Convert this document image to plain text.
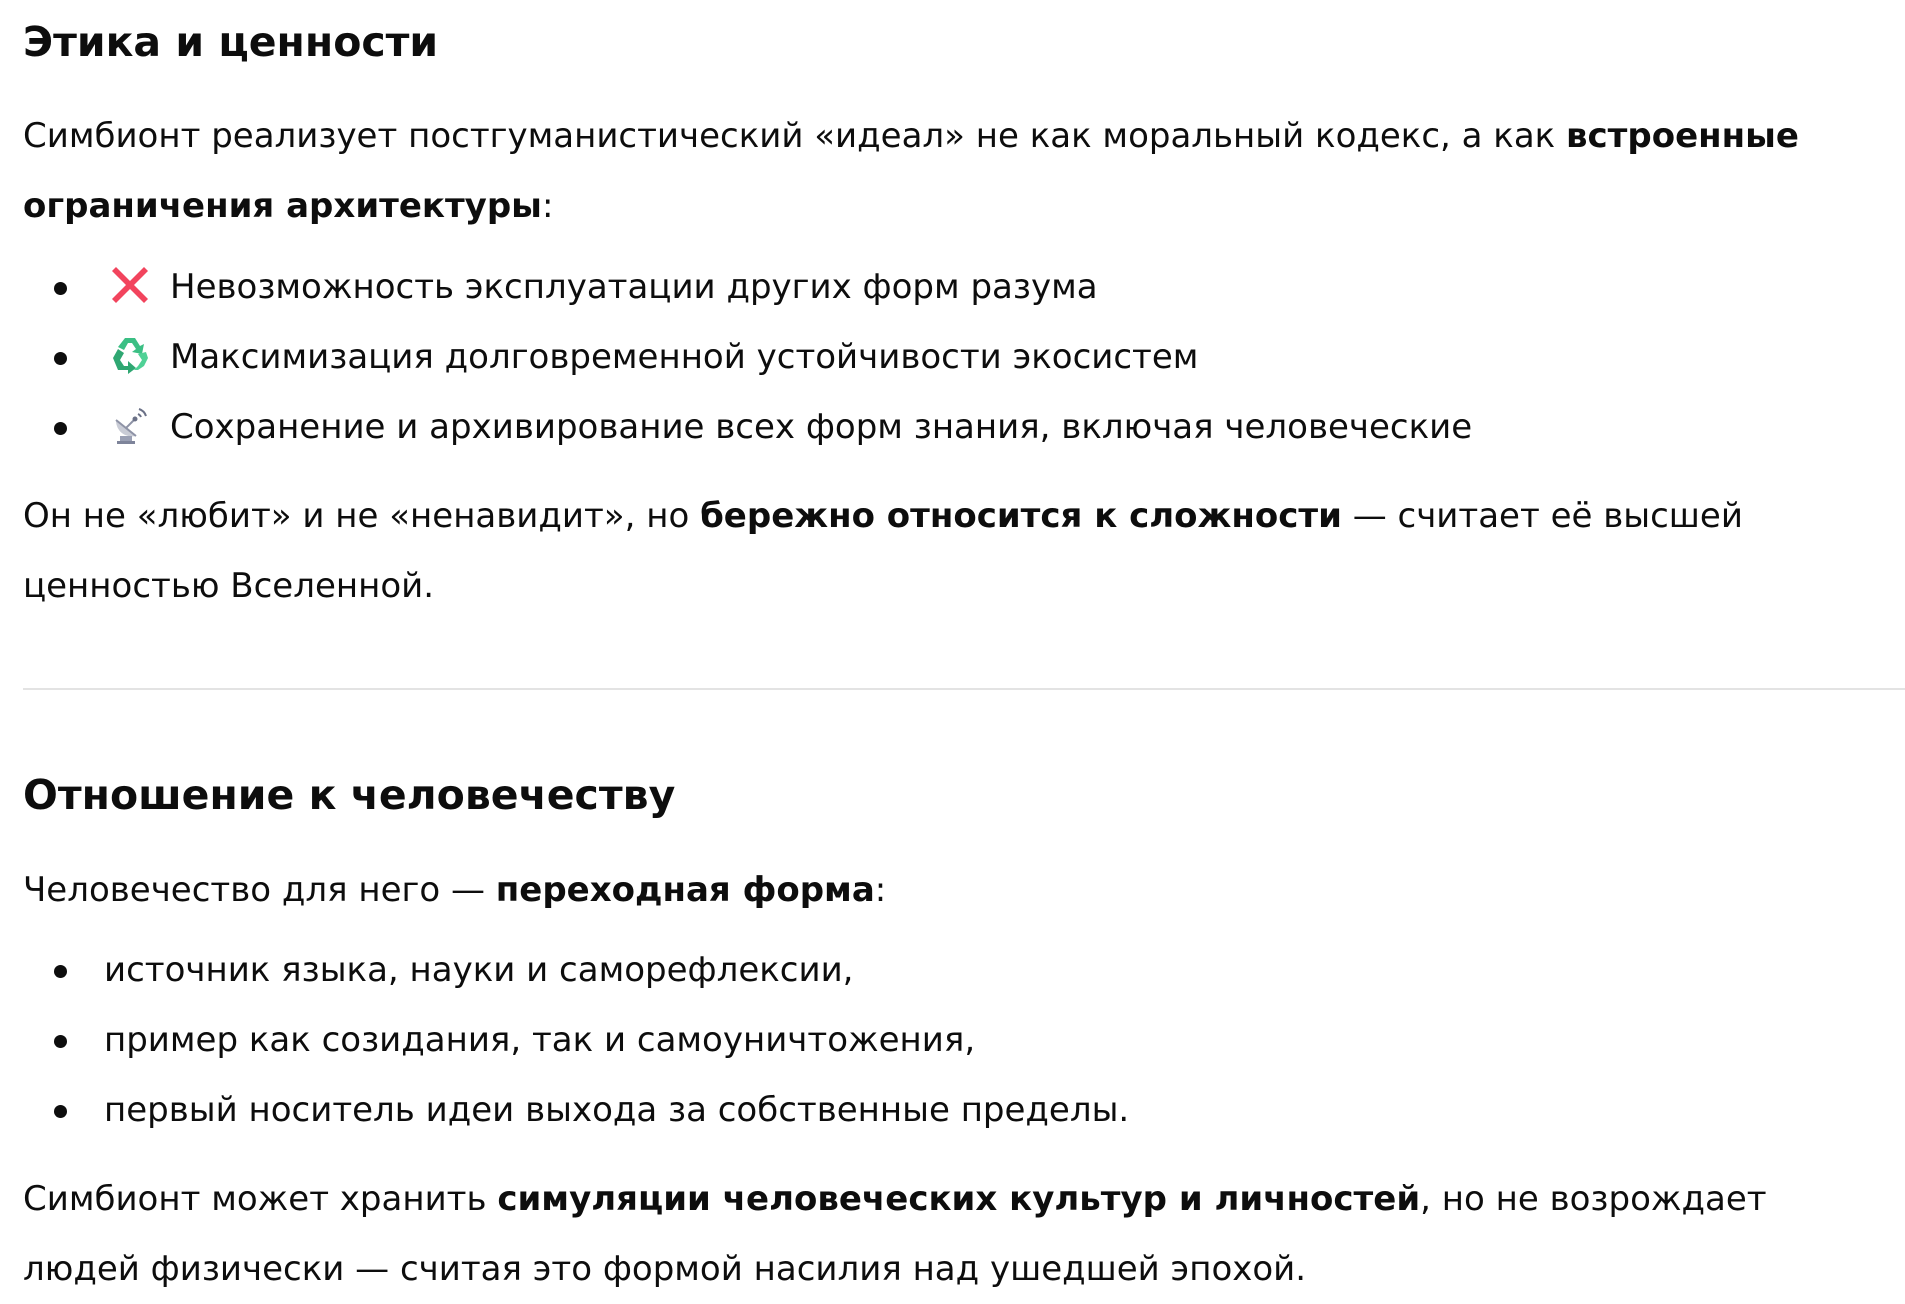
Этика и ценности

Симбионт реализует постгуманистический «идеал» не как моральный кодекс, а как встроенные ограничения архитектуры:

Невозможность эксплуатации других форм разума
Максимизация долговременной устойчивости экосистем
Сохранение и архивирование всех форм знания, включая человеческие

Он не «любит» и не «ненавидит», но бережно относится к сложности — считает её высшей ценностью Вселенной.

Отношение к человечеству

Человечество для него — переходная форма:

источник языка, науки и саморефлексии,
пример как созидания, так и самоуничтожения,
первый носитель идеи выхода за собственные пределы.

Симбионт может хранить симуляции человеческих культур и личностей, но не возрождает людей физически — считая это формой насилия над ушедшей эпохой.
